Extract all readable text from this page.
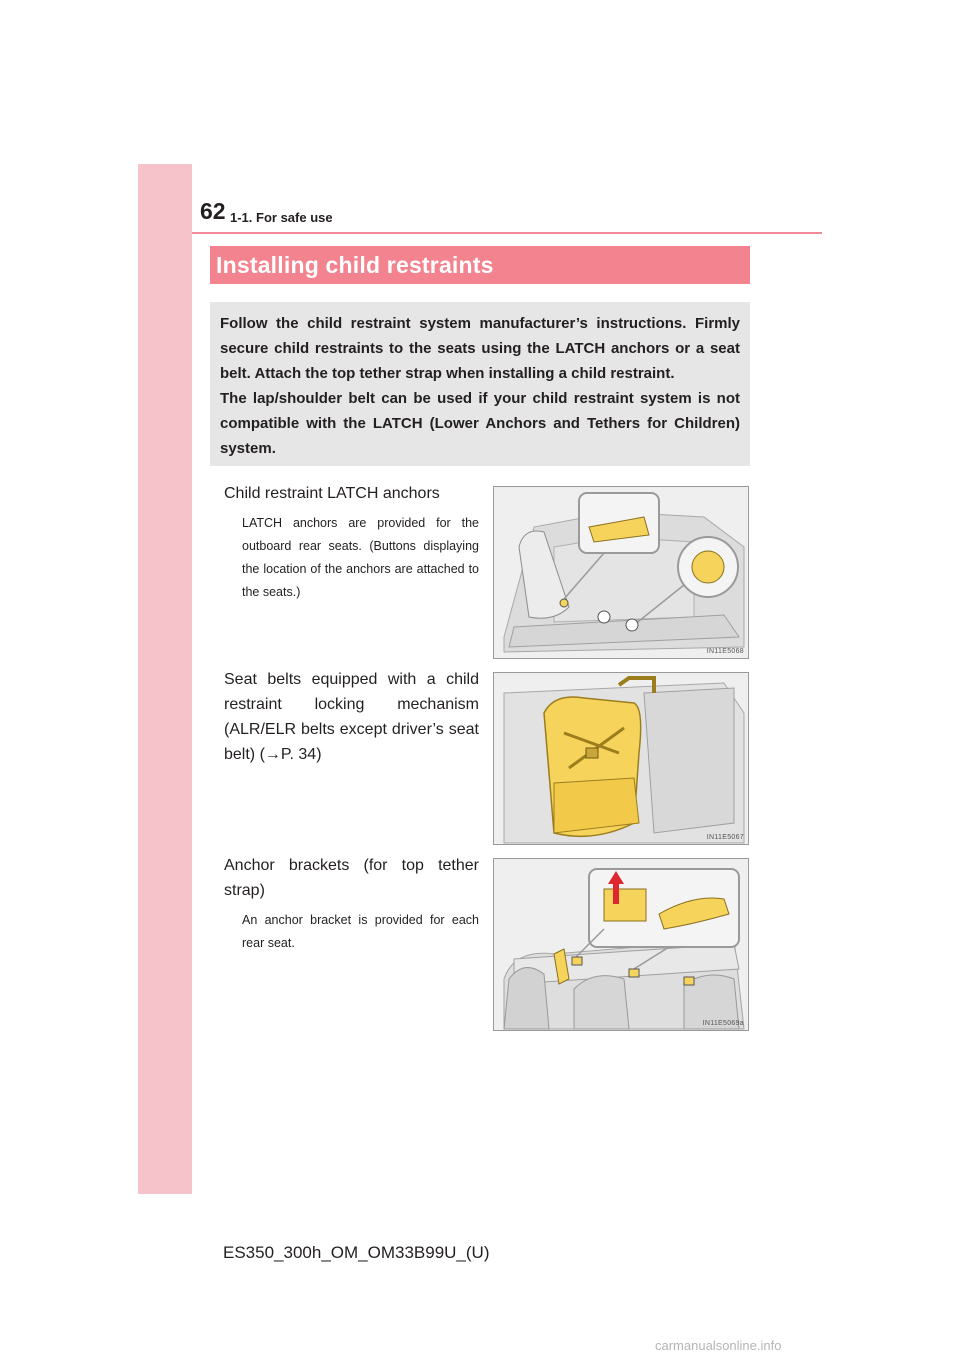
62 1-1. For safe use
Installing child restraints

Follow the child restraint system manufacturer’s instructions. Firmly secure child restraints to the seats using the LATCH anchors or a seat belt. Attach the top tether strap when installing a child restraint.

The lap/shoulder belt can be used if your child restraint system is not compatible with the LATCH (Lower Anchors and Tethers for Children) system.

Child restraint LATCH anchors
LATCH anchors are provided for the outboard rear seats. (Buttons displaying the location of the anchors are attached to the seats.)
IN11E5068
Seat belts equipped with a child restraint locking mechanism (ALR/ELR belts except driver’s seat belt) (→P. 34)
IN11E5067
Anchor brackets (for top tether strap)
An anchor bracket is provided for each rear seat.
IN11E5069a
ES350_300h_OM_OM33B99U_(U)
carmanualsonline.info
